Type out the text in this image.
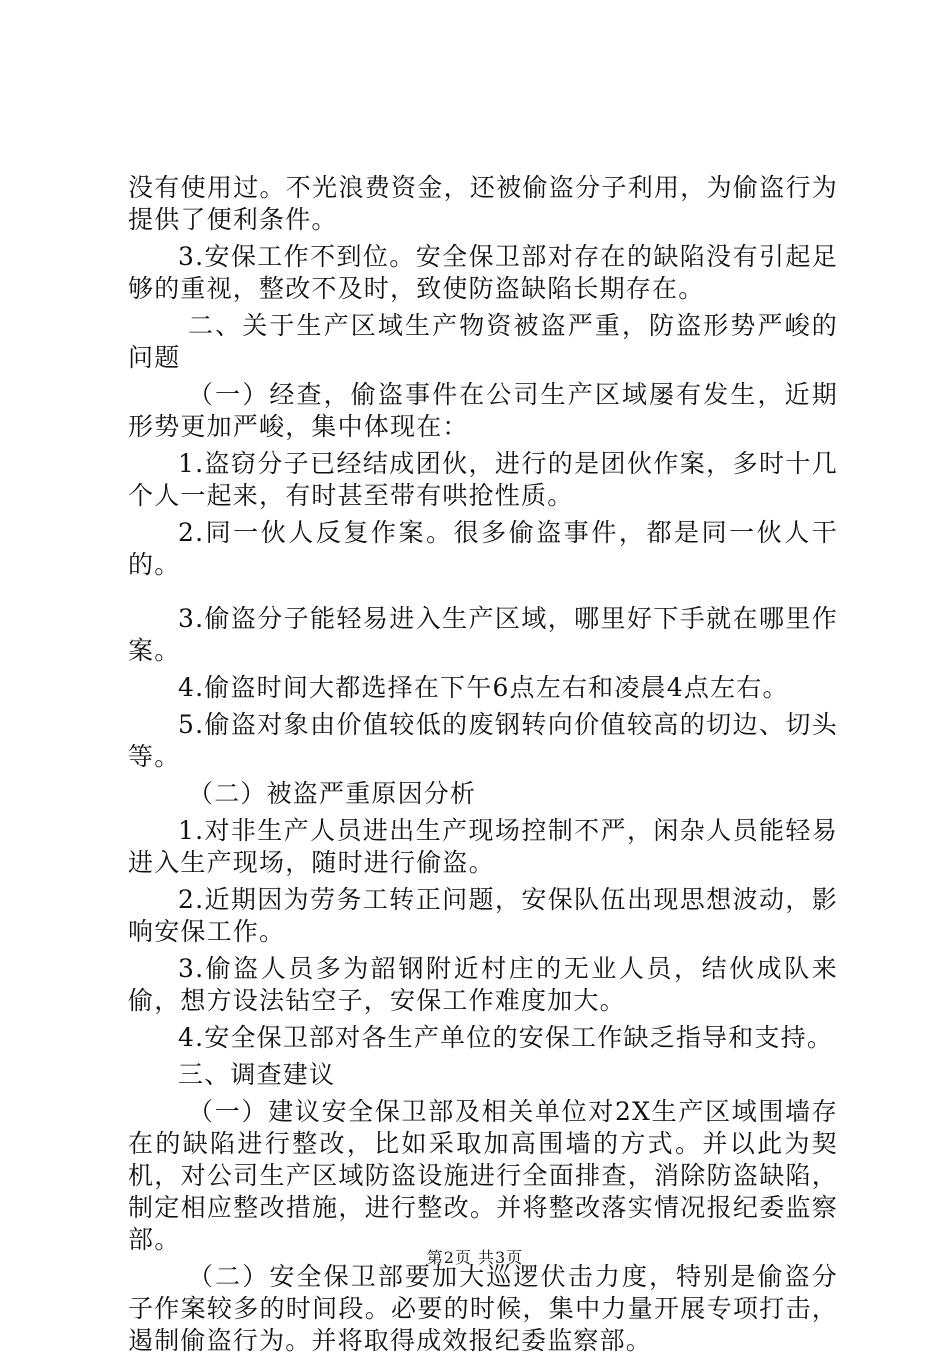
没有使用过。不光浪费资金，还被偷盗分子利用，为偷盗行为提供了便利条件。

3.安保工作不到位。安全保卫部对存在的缺陷没有引起足够的重视，整改不及时，致使防盗缺陷长期存在。

二、关于生产区域生产物资被盗严重，防盗形势严峻的问题

（一）经查，偷盗事件在公司生产区域屡有发生，近期形势更加严峻，集中体现在：

1.盗窃分子已经结成团伙，进行的是团伙作案，多时十几个人一起来，有时甚至带有哄抢性质。

2.同一伙人反复作案。很多偷盗事件，都是同一伙人干的。

3.偷盗分子能轻易进入生产区域，哪里好下手就在哪里作案。

4.偷盗时间大都选择在下午6点左右和凌晨4点左右。

5.偷盗对象由价值较低的废钢转向价值较高的切边、切头等。

（二）被盗严重原因分析

1.对非生产人员进出生产现场控制不严，闲杂人员能轻易进入生产现场，随时进行偷盗。

2.近期因为劳务工转正问题，安保队伍出现思想波动，影响安保工作。

3.偷盗人员多为韶钢附近村庄的无业人员，结伙成队来偷，想方设法钻空子，安保工作难度加大。

4.安全保卫部对各生产单位的安保工作缺乏指导和支持。

三、调查建议

（一）建议安全保卫部及相关单位对2X生产区域围墙存在的缺陷进行整改，比如采取加高围墙的方式。并以此为契机，对公司生产区域防盗设施进行全面排查，消除防盗缺陷，制定相应整改措施，进行整改。并将整改落实情况报纪委监察部。

（二）安全保卫部要加大巡逻伏击力度，特别是偷盗分子作案较多的时间段。必要的时候，集中力量开展专项打击，遏制偷盗行为。并将取得成效报纪委监察部。

第2页 共3页
